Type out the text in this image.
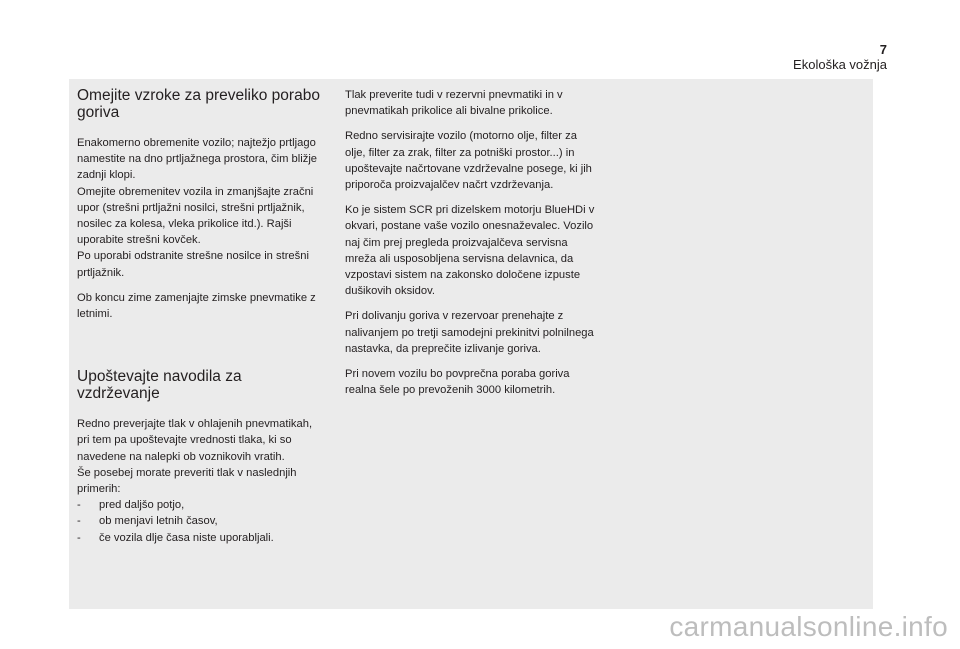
7
Ekološka vožnja
Omejite vzroke za preveliko porabo goriva

Enakomerno obremenite vozilo; najtežjo prtljago namestite na dno prtljažnega prostora, čim bližje zadnji klopi.
Omejite obremenitev vozila in zmanjšajte zračni upor (strešni prtljažni nosilci, strešni prtljažnik, nosilec za kolesa, vleka prikolice itd.). Rajši uporabite strešni kovček.
Po uporabi odstranite strešne nosilce in strešni prtljažnik.

Ob koncu zime zamenjajte zimske pnevmatike z letnimi.

Upoštevajte navodila za vzdrževanje

Redno preverjajte tlak v ohlajenih pnevmatikah, pri tem pa upoštevajte vrednosti tlaka, ki so navedene na nalepki ob voznikovih vratih.
Še posebej morate preveriti tlak v naslednjih primerih:

-	pred daljšo potjo,
-	ob menjavi letnih časov,
-	če vozila dlje časa niste uporabljali.

Tlak preverite tudi v rezervni pnevmatiki in v pnevmatikah prikolice ali bivalne prikolice.

Redno servisirajte vozilo (motorno olje, filter za olje, filter za zrak, filter za potniški prostor...) in upoštevajte načrtovane vzdrževalne posege, ki jih priporoča proizvajalčev načrt vzdrževanja.

Ko je sistem SCR pri dizelskem motorju BlueHDi v okvari, postane vaše vozilo onesnaževalec. Vozilo naj čim prej pregleda proizvajalčeva servisna mreža ali usposobljena servisna delavnica, da vzpostavi sistem na zakonsko določene izpuste dušikovih oksidov.

Pri dolivanju goriva v rezervoar prenehajte z nalivanjem po tretji samodejni prekinitvi polnilnega nastavka, da preprečite izlivanje goriva.

Pri novem vozilu bo povprečna poraba goriva realna šele po prevoženih 3000 kilometrih.

carmanualsonline.info
